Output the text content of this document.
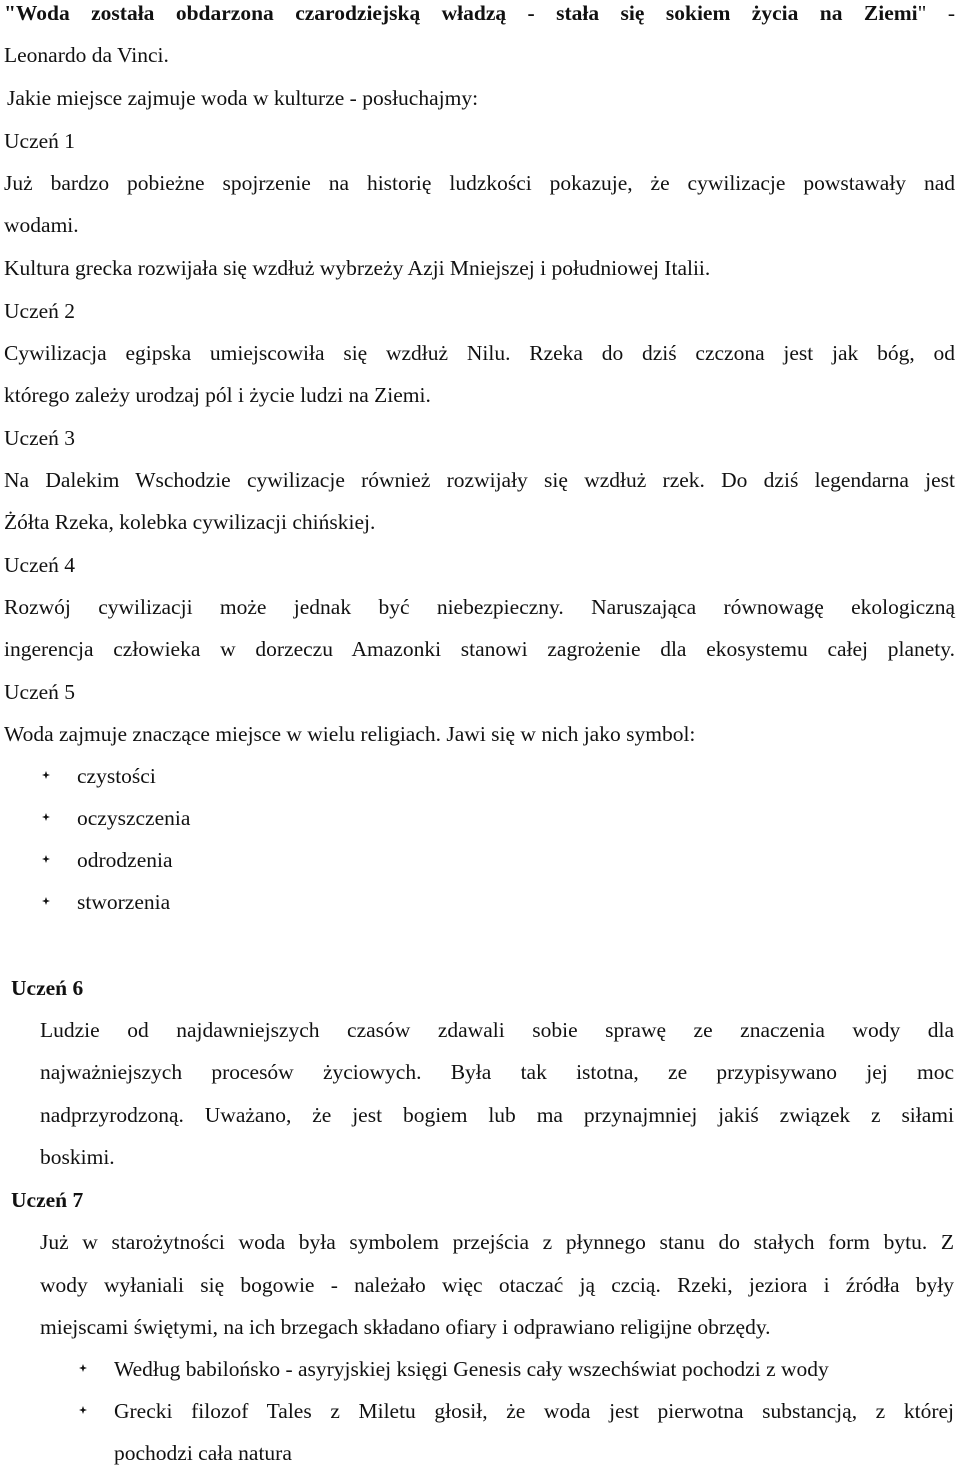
"Woda została obdarzona czarodziejską władzą - stała się sokiem życia na Ziemi" -
Leonardo da Vinci.
Jakie miejsce zajmuje woda w kulturze - posłuchajmy:
Uczeń 1
Już bardzo pobieżne spojrzenie na historię ludzkości pokazuje, że cywilizacje powstawały nad
wodami.
Kultura grecka rozwijała się wzdłuż wybrzeży Azji Mniejszej i południowej Italii.
Uczeń 2
Cywilizacja egipska umiejscowiła się wzdłuż Nilu. Rzeka do dziś czczona jest jak bóg, od
którego zależy urodzaj pól i życie ludzi na Ziemi.
Uczeń 3
Na Dalekim Wschodzie cywilizacje również rozwijały się wzdłuż rzek. Do dziś legendarna jest
Żółta Rzeka, kolebka cywilizacji chińskiej.
Uczeń 4
Rozwój cywilizacji może jednak być niebezpieczny. Naruszająca równowagę ekologiczną
ingerencja człowieka w dorzeczu Amazonki stanowi zagrożenie dla ekosystemu całej planety.
Uczeń 5
Woda zajmuje znaczące miejsce w wielu religiach. Jawi się w nich jako symbol:
czystości
oczyszczenia
odrodzenia
stworzenia
Uczeń 6
Ludzie od najdawniejszych czasów zdawali sobie sprawę ze znaczenia wody dla
najważniejszych procesów życiowych. Była tak istotna, ze przypisywano jej moc
nadprzyrodzoną. Uważano, że jest bogiem lub ma przynajmniej jakiś związek z siłami
boskimi.
Uczeń 7
Już w starożytności woda była symbolem przejścia z płynnego stanu do stałych form bytu. Z
wody wyłaniali się bogowie - należało więc otaczać ją czcią. Rzeki, jeziora i źródła były
miejscami świętymi, na ich brzegach składano ofiary i odprawiano religijne obrzędy.
Według babilońsko - asyryjskiej księgi Genesis cały wszechświat pochodzi z wody
Grecki filozof Tales z Miletu głosił, że woda jest pierwotna substancją, z której
pochodzi cała natura
